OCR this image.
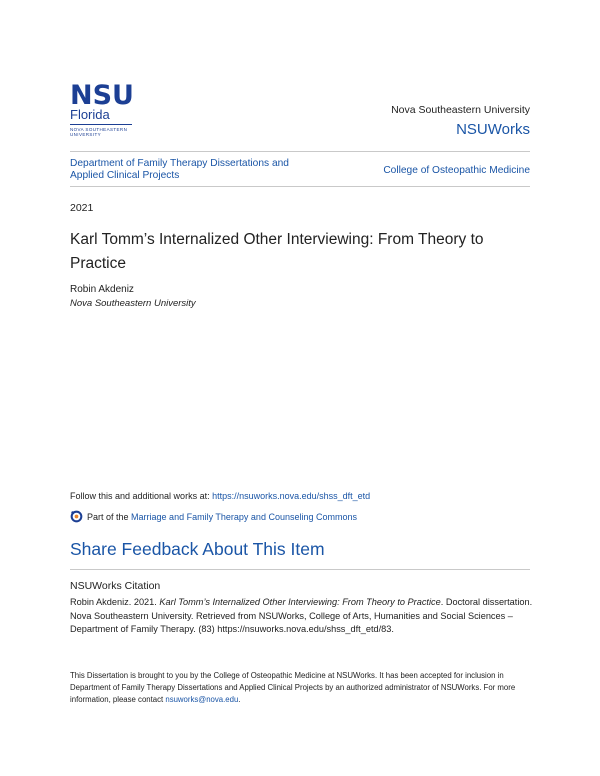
NSU
Florida
NOVA SOUTHEASTERN
UNIVERSITY
Nova Southeastern University
NSUWorks
Department of Family Therapy Dissertations and Applied Clinical Projects	College of Osteopathic Medicine
2021
Karl Tomm’s Internalized Other Interviewing: From Theory to Practice
Robin Akdeniz
Nova Southeastern University
Follow this and additional works at: https://nsuworks.nova.edu/shss_dft_etd
Part of the
Marriage and Family Therapy and Counseling Commons
Share Feedback About This Item
NSUWorks Citation
Robin Akdeniz. 2021. Karl Tomm’s Internalized Other Interviewing: From Theory to Practice. Doctoral dissertation. Nova Southeastern University. Retrieved from NSUWorks, College of Arts, Humanities and Social Sciences – Department of Family Therapy. (83) https://nsuworks.nova.edu/shss_dft_etd/83.
This Dissertation is brought to you by the College of Osteopathic Medicine at NSUWorks. It has been accepted for inclusion in Department of Family Therapy Dissertations and Applied Clinical Projects by an authorized administrator of NSUWorks. For more information, please contact nsuworks@nova.edu.
